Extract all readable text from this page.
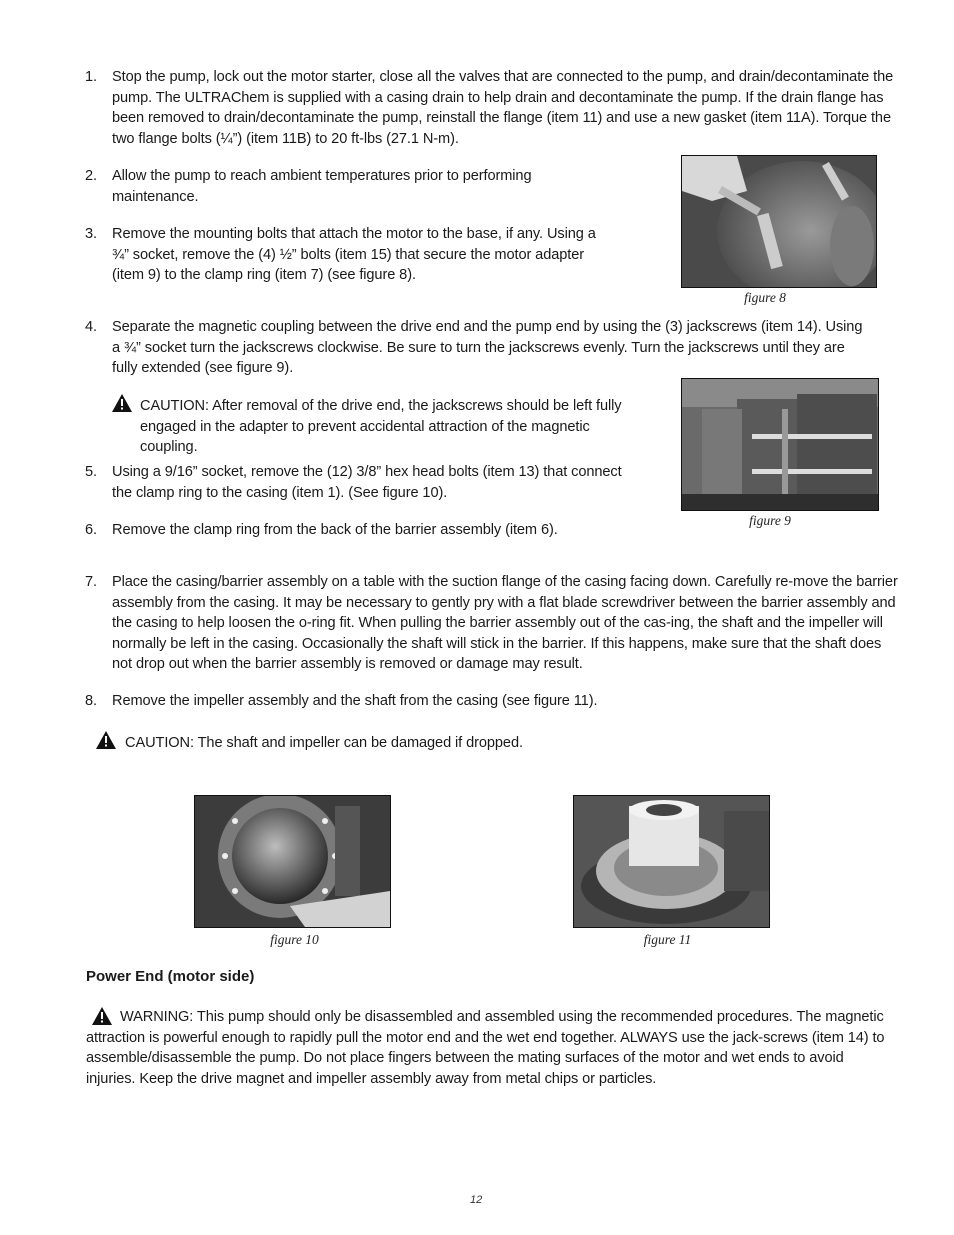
1.	Stop the pump, lock out the motor starter, close all the valves that are connected to the pump, and drain/decontaminate the pump. The ULTRAChem is supplied with a casing drain to help drain and decontaminate the pump. If the drain flange has been removed to drain/decontaminate the pump, reinstall the flange (item 11) and use a new gasket (item 11A). Torque the two flange bolts (¼”) (item 11B) to 20 ft-lbs (27.1 N-m).
2.	Allow the pump to reach ambient temperatures prior to performing maintenance.
3.	Remove the mounting bolts that attach the motor to the base, if any. Using a ¾” socket, remove the (4) ½” bolts (item 15) that secure the motor adapter (item 9) to the clamp ring (item 7) (see figure 8).
figure 8
4.	Separate the magnetic coupling between the drive end and the pump end by using the (3) jackscrews (item 14). Using a ¾” socket turn the jackscrews clockwise. Be sure to turn the jackscrews evenly. Turn the jackscrews until they are fully extended (see figure 9).
CAUTION: After removal of the drive end, the jackscrews should be left fully engaged in the adapter to prevent accidental attraction of the magnetic coupling.
figure 9
5.	Using a 9/16” socket, remove the (12) 3/8” hex head bolts (item 13) that connect the clamp ring to the casing (item 1). (See figure 10).
6.	Remove the clamp ring from the back of the barrier assembly (item 6).
7.	Place the casing/barrier assembly on a table with the suction flange of the casing facing down. Carefully re-move the barrier assembly from the casing. It may be necessary to gently pry with a flat blade screwdriver between the barrier assembly and the casing to help loosen the o-ring fit. When pulling the barrier assembly out of the cas-ing, the shaft and the impeller will normally be left in the casing. Occasionally the shaft will stick in the barrier. If this happens, make sure that the shaft does not drop out when the barrier assembly is removed or damage may result.
8.	Remove the impeller assembly and the shaft from the casing (see figure 11).
CAUTION: The shaft and impeller can be damaged if dropped.
figure 10	figure 11
Power End (motor side)
WARNING: This pump should only be disassembled and assembled using the recommended procedures. The magnetic attraction is powerful enough to rapidly pull the motor end and the wet end together. ALWAYS use the jack-screws (item 14) to assemble/disassemble the pump. Do not place fingers between the mating surfaces of the motor and wet ends to avoid injuries. Keep the drive magnet and impeller assembly away from metal chips or particles.
12
